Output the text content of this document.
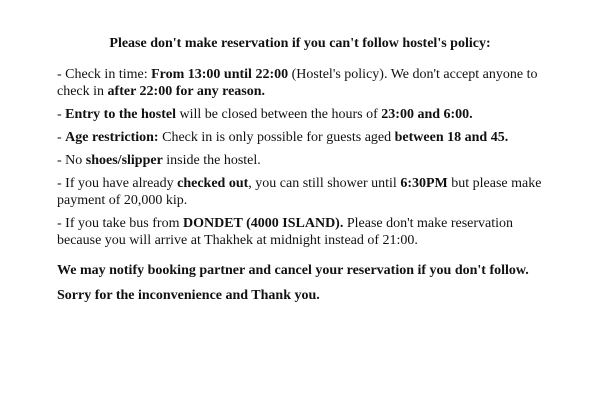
Please don't make reservation if you can't follow hostel's policy:

- Check in time: From 13:00 until 22:00 (Hostel's policy). We don't accept anyone to check in after 22:00 for any reason.

- Entry to the hostel will be closed between the hours of 23:00 and 6:00.

- Age restriction: Check in is only possible for guests aged between 18 and 45.

- No shoes/slipper inside the hostel.

- If you have already checked out, you can still shower until 6:30PM but please make payment of 20,000 kip.

- If you take bus from DONDET (4000 ISLAND). Please don't make reservation because you will arrive at Thakhek at midnight instead of 21:00.

We may notify booking partner and cancel your reservation if you don't follow.

Sorry for the inconvenience and Thank you.
